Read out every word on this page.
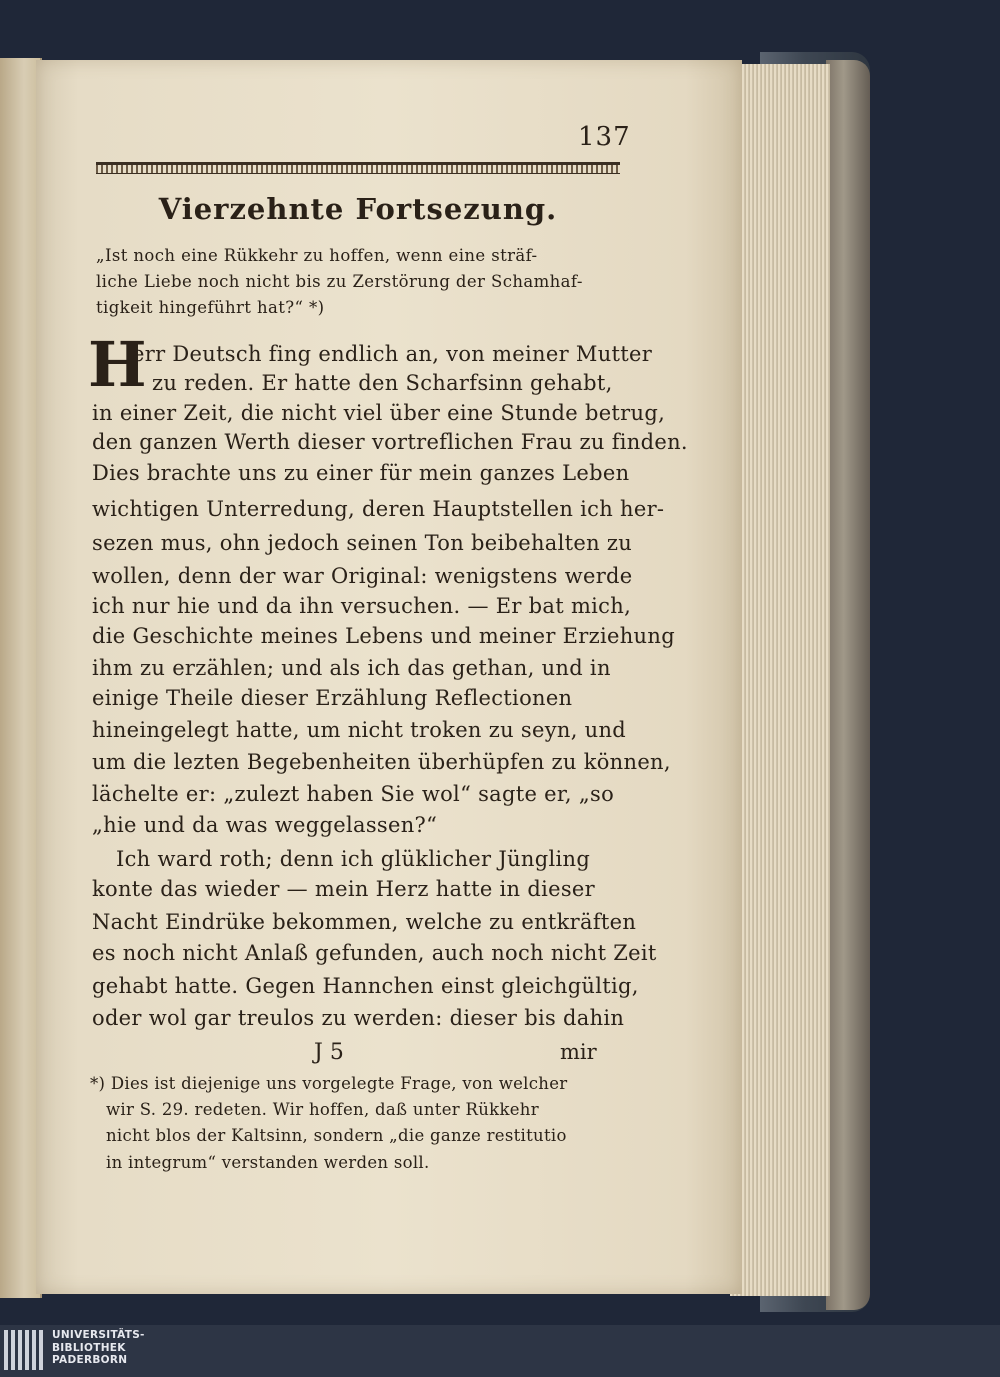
137
Vierzehnte Fortsezung.
„Ist noch eine Rükkehr zu hoffen, wenn eine sträf-
liche Liebe noch nicht bis zu Zerstörung der Schamhaf-
tigkeit hingeführt hat?“ *)
H
err Deutsch fing endlich an, von meiner Mutter
zu reden. Er hatte den Scharfsinn gehabt,
in einer Zeit, die nicht viel über eine Stunde betrug,
den ganzen Werth dieser vortreflichen Frau zu finden.
Dies brachte uns zu einer für mein ganzes Leben
wichtigen Unterredung, deren Hauptstellen ich her-
sezen mus, ohn jedoch seinen Ton beibehalten zu
wollen, denn der war Original: wenigstens werde
ich nur hie und da ihn versuchen. — Er bat mich,
die Geschichte meines Lebens und meiner Erziehung
ihm zu erzählen; und als ich das gethan, und in
einige Theile dieser Erzählung Reflectionen
hineingelegt hatte, um nicht troken zu seyn, und
um die lezten Begebenheiten überhüpfen zu können,
lächelte er: „zulezt haben Sie wol“ sagte er, „so
„hie und da was weggelassen?“
Ich ward roth; denn ich glüklicher Jüngling
konte das wieder — mein Herz hatte in dieser
Nacht Eindrüke bekommen, welche zu entkräften
es noch nicht Anlaß gefunden, auch noch nicht Zeit
gehabt hatte. Gegen Hannchen einst gleichgültig,
oder wol gar treulos zu werden: dieser bis dahin
J 5	mir
*) Dies ist diejenige uns vorgelegte Frage, von welcher
wir S. 29. redeten. Wir hoffen, daß unter Rükkehr
nicht blos der Kaltsinn, sondern „die ganze restitutio
in integrum“ verstanden werden soll.
UNIVERSITÄTS-
BIBLIOTHEK
PADERBORN
